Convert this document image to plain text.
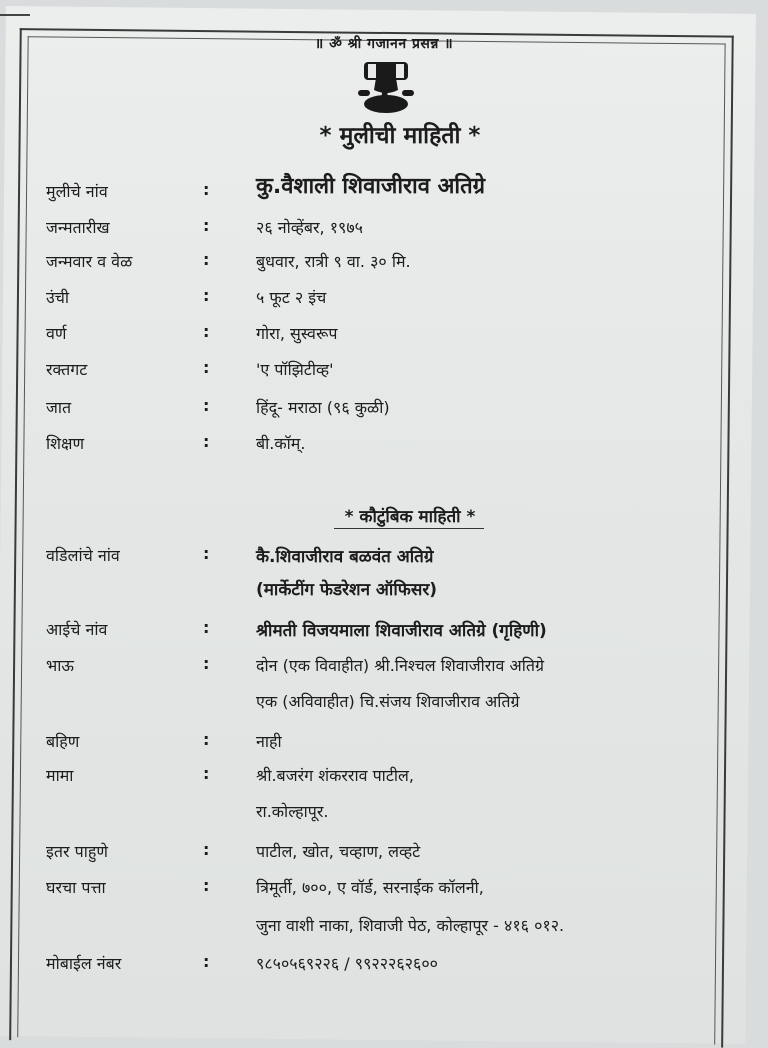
॥ ॐ श्री गजानन प्रसन्न ॥
* मुलीची माहिती *
मुलीचे नांव	: कु.वैशाली शिवाजीराव अतिग्रे
जन्मतारीख	:	२६ नोव्हेंबर, १९७५
जन्मवार व वेळ	:	बुधवार, रात्री ९ वा. ३० मि.
उंची	:	५ फूट २ इंच
वर्ण	:	गोरा, सुस्वरूप
रक्तगट	:	'ए पॉझिटीव्ह'
जात	:	हिंदू- मराठा (९६ कुळी)
शिक्षण	:	बी.कॉम्.
* कौटुंबिक माहिती *
वडिलांचे नांव	:	कै.शिवाजीराव बळवंत अतिग्रे
(मार्केटींग फेडरेशन ऑफिसर)
आईचे नांव	:	श्रीमती विजयमाला शिवाजीराव अतिग्रे (गृहिणी)
भाऊ	:	दोन (एक विवाहीत) श्री.निश्चल शिवाजीराव अतिग्रे
एक (अविवाहीत) चि.संजय शिवाजीराव अतिग्रे
बहिण	:	नाही
मामा	:	श्री.बजरंग शंकरराव पाटील,
रा.कोल्हापूर.
इतर पाहुणे	:	पाटील, खोत, चव्हाण, लव्हटे
घरचा पत्ता	:	त्रिमूर्ती, ७००, ए वॉर्ड, सरनाईक कॉलनी,
जुना वाशी नाका, शिवाजी पेठ, कोल्हापूर - ४१६ ०१२.
मोबाईल नंबर	:	९८५०५६९२२६ / ९९२२२६२६००
